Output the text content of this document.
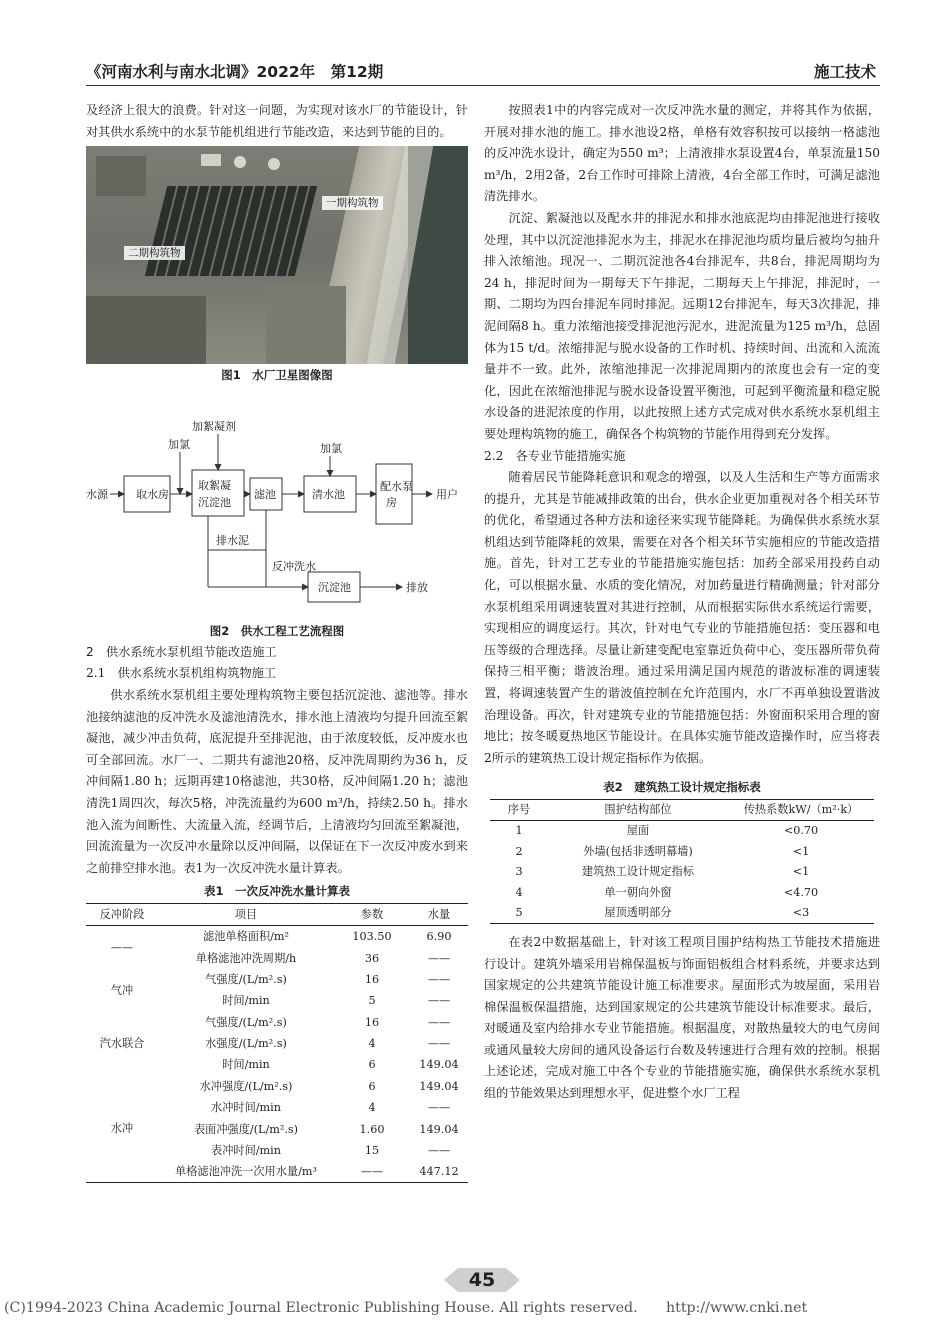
《河南水利与南水北调》2022年　第12期	施工技术

及经济上很大的浪费。针对这一问题，为实现对该水厂的节能设计，针对其供水系统中的水泵节能机组进行节能改造，来达到节能的目的。

一期构筑物
二期构筑物
图1　水厂卫星图像图
水源	取水房
取絮凝
沉淀池
滤池	清水池
配水泵
房
用户
加氯
加絮凝剂
加氯
排水泥
反冲洗水
沉淀池	排放
图2　供水工程工艺流程图
2　供水系统水泵机组节能改造施工
2.1　供水系统水泵机组构筑物施工

供水系统水泵机组主要处理构筑物主要包括沉淀池、滤池等。排水池接纳滤池的反冲洗水及滤池清洗水，排水池上清液均匀提升回流至絮凝池，减少冲击负荷，底泥提升至排泥池，由于浓度较低，反冲废水也可全部回流。水厂一、二期共有滤池20格，反冲洗周期约为36 h，反冲间隔1.80 h；远期再建10格滤池，共30格，反冲间隔1.20 h；滤池清洗1周四次，每次5格，冲洗流量约为600 m³/h，持续2.50 h。排水池入流为间断性、大流量入流，经调节后，上清液均匀回流至絮凝池，回流流量为一次反冲水量除以反冲间隔，以保证在下一次反冲废水到来之前排空排水池。表1为一次反冲洗水量计算表。

表1　一次反冲洗水量计算表
反冲阶段	项目	参数	水量
——	滤池单格面积/m²	103.50	6.90
	单格滤池冲洗周期/h	36	——
气冲	气强度/(L/m².s)	16	——
	时间/min	5	——
汽水联合	气强度/(L/m².s)	16	——
	水强度/(L/m².s)	4	——
	时间/min	6	149.04
水冲	水冲强度/(L/m².s)	6	149.04
	水冲时间/min	4	——
	表面冲强度/(L/m².s)	1.60	149.04
	表冲时间/min	15	——
	单格滤池冲洗一次用水量/m³	——	447.12

按照表1中的内容完成对一次反冲洗水量的测定，并将其作为依据，开展对排水池的施工。排水池设2格，单格有效容积按可以接纳一格滤池的反冲洗水设计，确定为550 m³；上清液排水泵设置4台，单泵流量150 m³/h，2用2备，2台工作时可排除上清液，4台全部工作时，可满足滤池清洗排水。

沉淀、絮凝池以及配水井的排泥水和排水池底泥均由排泥池进行接收处理，其中以沉淀池排泥水为主，排泥水在排泥池均质均量后被均匀抽升排入浓缩池。现况一、二期沉淀池各4台排泥车，共8台，排泥周期均为24 h，排泥时间为一期每天下午排泥，二期每天上午排泥，排泥时，一期、二期均为四台排泥车同时排泥。远期12台排泥车，每天3次排泥，排泥间隔8 h。重力浓缩池接受排泥池污泥水，进泥流量为125 m³/h，总固体为15 t/d。浓缩排泥与脱水设备的工作时机、持续时间、出流和入流流量并不一致。此外，浓缩池排泥一次排泥周期内的浓度也会有一定的变化，因此在浓缩池排泥与脱水设备设置平衡池，可起到平衡流量和稳定脱水设备的进泥浓度的作用，以此按照上述方式完成对供水系统水泵机组主要处理构筑物的施工，确保各个构筑物的节能作用得到充分发挥。

2.2　各专业节能措施实施

随着居民节能降耗意识和观念的增强，以及人生活和生产等方面需求的提升，尤其是节能减排政策的出台，供水企业更加重视对各个相关环节的优化，希望通过各种方法和途径来实现节能降耗。为确保供水系统水泵机组达到节能降耗的效果，需要在对各个相关环节实施相应的节能改造措施。首先，针对工艺专业的节能措施实施包括：加药全部采用投药自动化，可以根据水量、水质的变化情况，对加药量进行精确测量；针对部分水泵机组采用调速装置对其进行控制，从而根据实际供水系统运行需要，实现相应的调度运行。其次，针对电气专业的节能措施包括：变压器和电压等级的合理选择。尽量让新建变配电室靠近负荷中心，变压器所带负荷保持三相平衡；谐波治理。通过采用满足国内规范的谐波标准的调速装置，将调速装置产生的谐波值控制在允许范围内，水厂不再单独设置谐波治理设备。再次，针对建筑专业的节能措施包括：外窗面积采用合理的窗地比；按冬暖夏热地区节能设计。在具体实施节能改造操作时，应当将表2所示的建筑热工设计规定指标作为依据。

表2　建筑热工设计规定指标表
序号	围护结构部位	传热系数kW/（m²·k）
1	屋面	<0.70
2	外墙(包括非透明幕墙)	<1
3	建筑热工设计规定指标	<1
4	单一朝向外窗	<4.70
5	屋顶透明部分	<3

在表2中数据基础上，针对该工程项目围护结构热工节能技术措施进行设计。建筑外墙采用岩棉保温板与饰面铝板组合材料系统，并要求达到国家规定的公共建筑节能设计施工标准要求。屋面形式为坡屋面，采用岩棉保温板保温措施，达到国家规定的公共建筑节能设计标准要求。最后，对暖通及室内给排水专业节能措施。根据温度，对散热量较大的电气房间或通风量较大房间的通风设备运行台数及转速进行合理有效的控制。根据上述论述，完成对施工中各个专业的节能措施实施，确保供水系统水泵机组的节能效果达到理想水平，促进整个水厂工程

45
(C)1994-2023 China Academic Journal Electronic Publishing House. All rights reserved.　　http://www.cnki.net
